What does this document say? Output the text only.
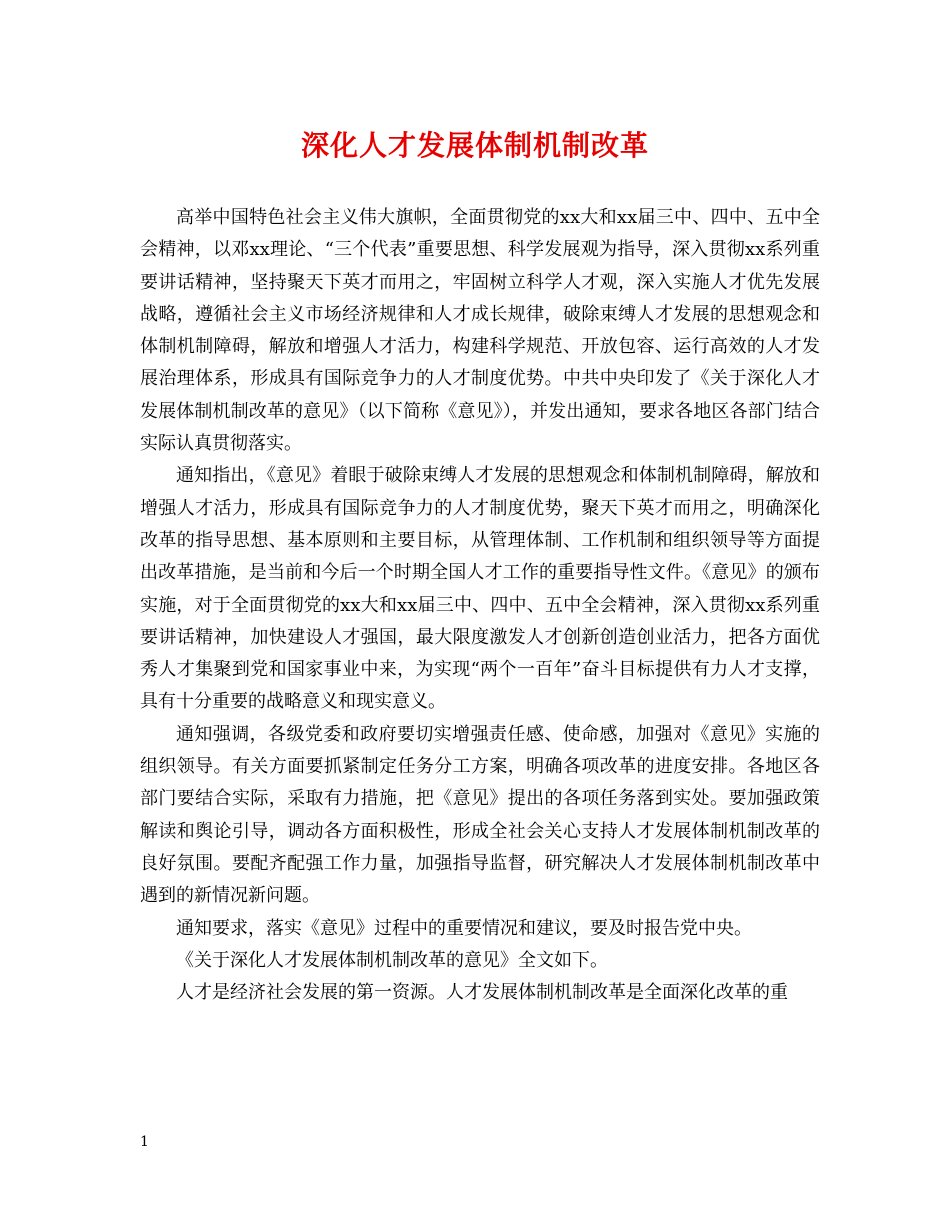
深化人才发展体制机制改革

高举中国特色社会主义伟大旗帜，全面贯彻党的xx大和xx届三中、四中、五中全会精神，以邓xx理论、“三个代表”重要思想、科学发展观为指导，深入贯彻xx系列重要讲话精神，坚持聚天下英才而用之，牢固树立科学人才观，深入实施人才优先发展战略，遵循社会主义市场经济规律和人才成长规律，破除束缚人才发展的思想观念和体制机制障碍，解放和增强人才活力，构建科学规范、开放包容、运行高效的人才发展治理体系，形成具有国际竞争力的人才制度优势。中共中央印发了《关于深化人才发展体制机制改革的意见》（以下简称《意见》），并发出通知，要求各地区各部门结合实际认真贯彻落实。

通知指出，《意见》着眼于破除束缚人才发展的思想观念和体制机制障碍，解放和增强人才活力，形成具有国际竞争力的人才制度优势，聚天下英才而用之，明确深化改革的指导思想、基本原则和主要目标，从管理体制、工作机制和组织领导等方面提出改革措施，是当前和今后一个时期全国人才工作的重要指导性文件。《意见》的颁布实施，对于全面贯彻党的xx大和xx届三中、四中、五中全会精神，深入贯彻xx系列重要讲话精神，加快建设人才强国，最大限度激发人才创新创造创业活力，把各方面优秀人才集聚到党和国家事业中来，为实现“两个一百年”奋斗目标提供有力人才支撑，具有十分重要的战略意义和现实意义。

通知强调，各级党委和政府要切实增强责任感、使命感，加强对《意见》实施的组织领导。有关方面要抓紧制定任务分工方案，明确各项改革的进度安排。各地区各部门要结合实际，采取有力措施，把《意见》提出的各项任务落到实处。要加强政策解读和舆论引导，调动各方面积极性，形成全社会关心支持人才发展体制机制改革的良好氛围。要配齐配强工作力量，加强指导监督，研究解决人才发展体制机制改革中遇到的新情况新问题。

通知要求，落实《意见》过程中的重要情况和建议，要及时报告党中央。

《关于深化人才发展体制机制改革的意见》全文如下。

人才是经济社会发展的第一资源。人才发展体制机制改革是全面深化改革的重

1
